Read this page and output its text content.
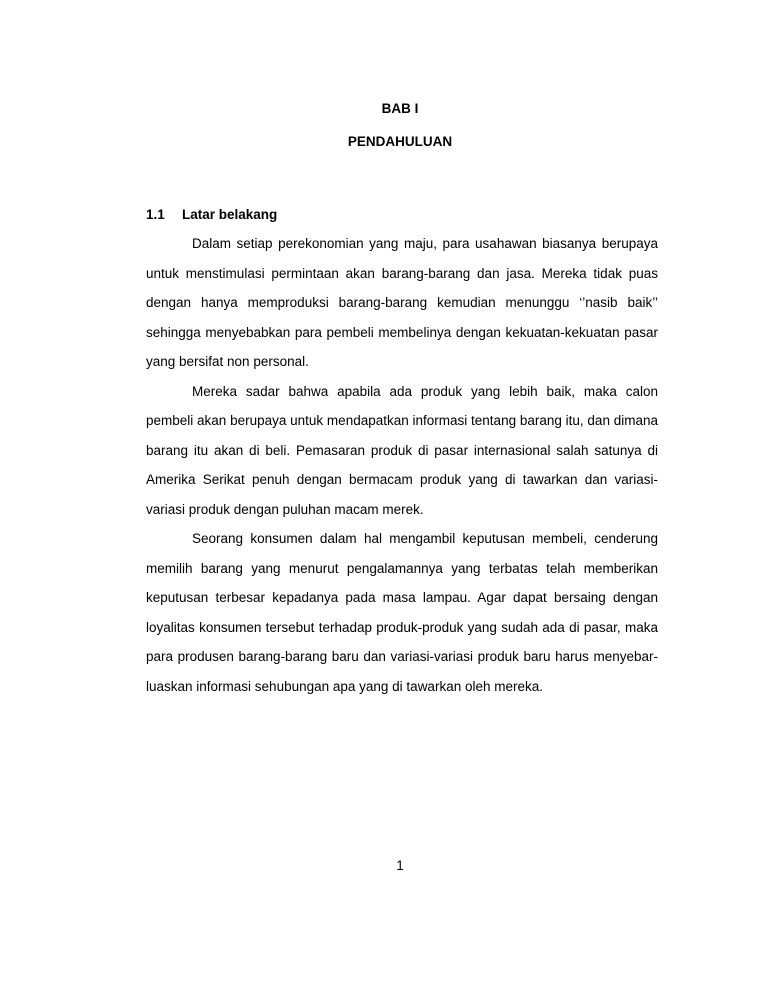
BAB I
PENDAHULUAN
1.1 Latar belakang

Dalam setiap perekonomian yang maju, para usahawan biasanya berupaya untuk menstimulasi permintaan akan barang-barang dan jasa. Mereka tidak puas dengan hanya memproduksi barang-barang kemudian menunggu ‘’nasib baik’’ sehingga menyebabkan para pembeli membelinya dengan kekuatan-kekuatan pasar yang bersifat non personal.

Mereka sadar bahwa apabila ada produk yang lebih baik, maka calon pembeli akan berupaya untuk mendapatkan informasi tentang barang itu, dan dimana barang itu akan di beli. Pemasaran produk di pasar internasional salah satunya di Amerika Serikat penuh dengan bermacam produk yang di tawarkan dan variasi-variasi produk dengan puluhan macam merek.

Seorang konsumen dalam hal mengambil keputusan membeli, cenderung memilih barang yang menurut pengalamannya yang terbatas telah memberikan keputusan terbesar kepadanya pada masa lampau. Agar dapat bersaing dengan loyalitas konsumen tersebut terhadap produk-produk yang sudah ada di pasar, maka para produsen barang-barang baru dan variasi-variasi produk baru harus menyebar- luaskan informasi sehubungan apa yang di tawarkan oleh mereka.

1
